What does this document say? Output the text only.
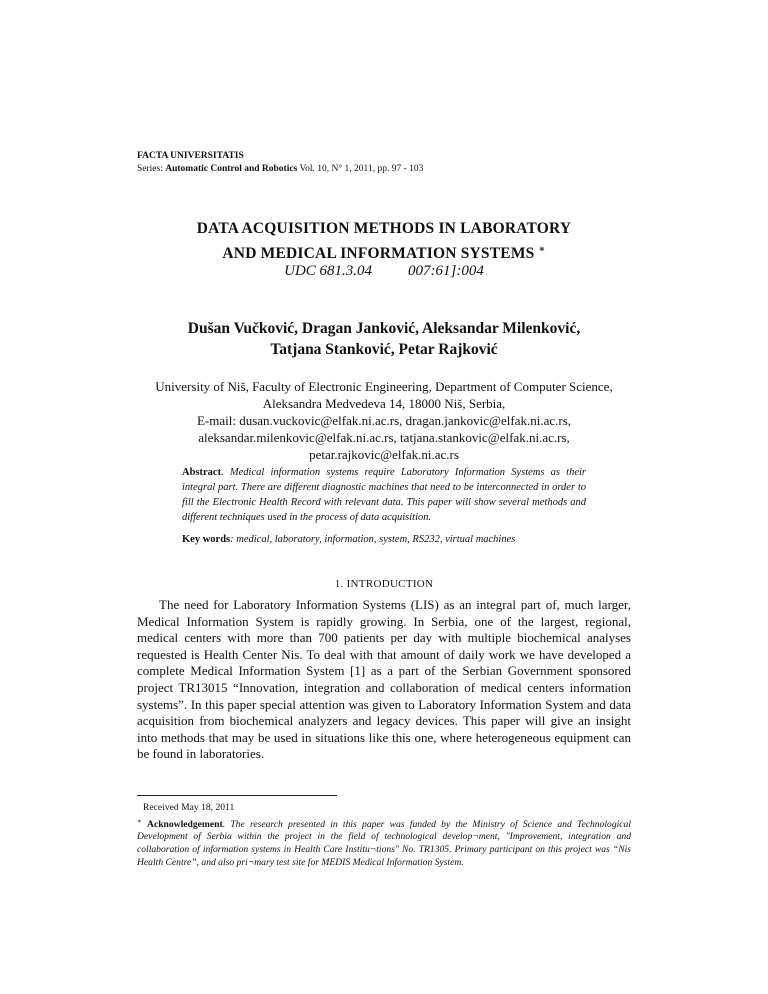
FACTA UNIVERSITATIS
Series: Automatic Control and Robotics Vol. 10, N° 1, 2011, pp. 97 - 103
DATA ACQUISITION METHODS IN LABORATORY
AND MEDICAL INFORMATION SYSTEMS ∗
UDC 681.3.04 007:61]:004
Dušan Vučković, Dragan Janković, Aleksandar Milenković,
Tatjana Stanković, Petar Rajković
University of Niš, Faculty of Electronic Engineering, Department of Computer Science,
Aleksandra Medvedeva 14, 18000 Niš, Serbia,
E-mail: dusan.vuckovic@elfak.ni.ac.rs, dragan.jankovic@elfak.ni.ac.rs,
aleksandar.milenkovic@elfak.ni.ac.rs, tatjana.stankovic@elfak.ni.ac.rs,
petar.rajkovic@elfak.ni.ac.rs
Abstract. Medical information systems require Laboratory Information Systems as their integral part. There are different diagnostic machines that need to be interconnected in order to fill the Electronic Health Record with relevant data. This paper will show several methods and different techniques used in the process of data acquisition.
Key words: medical, laboratory, information, system, RS232, virtual machines
1. INTRODUCTION
The need for Laboratory Information Systems (LIS) as an integral part of, much larger, Medical Information System is rapidly growing. In Serbia, one of the largest, regional, medical centers with more than 700 patients per day with multiple biochemical analyses requested is Health Center Nis. To deal with that amount of daily work we have developed a complete Medical Information System [1] as a part of the Serbian Government sponsored project TR13015 “Innovation, integration and collaboration of medical centers information systems”. In this paper special attention was given to Laboratory Information System and data acquisition from biochemical analyzers and legacy devices. This paper will give an insight into methods that may be used in situations like this one, where heterogeneous equipment can be found in laboratories.
Received May 18, 2011
∗ Acknowledgement. The research presented in this paper was funded by the Ministry of Science and Technological Development of Serbia within the project in the field of technological develop¬ment, "Improvement, integration and collaboration of information systems in Health Care Institu¬tions" No. TR1305. Primary participant on this project was “Nis Health Centre”, and also pri¬mary test site for MEDIS Medical Information System.
